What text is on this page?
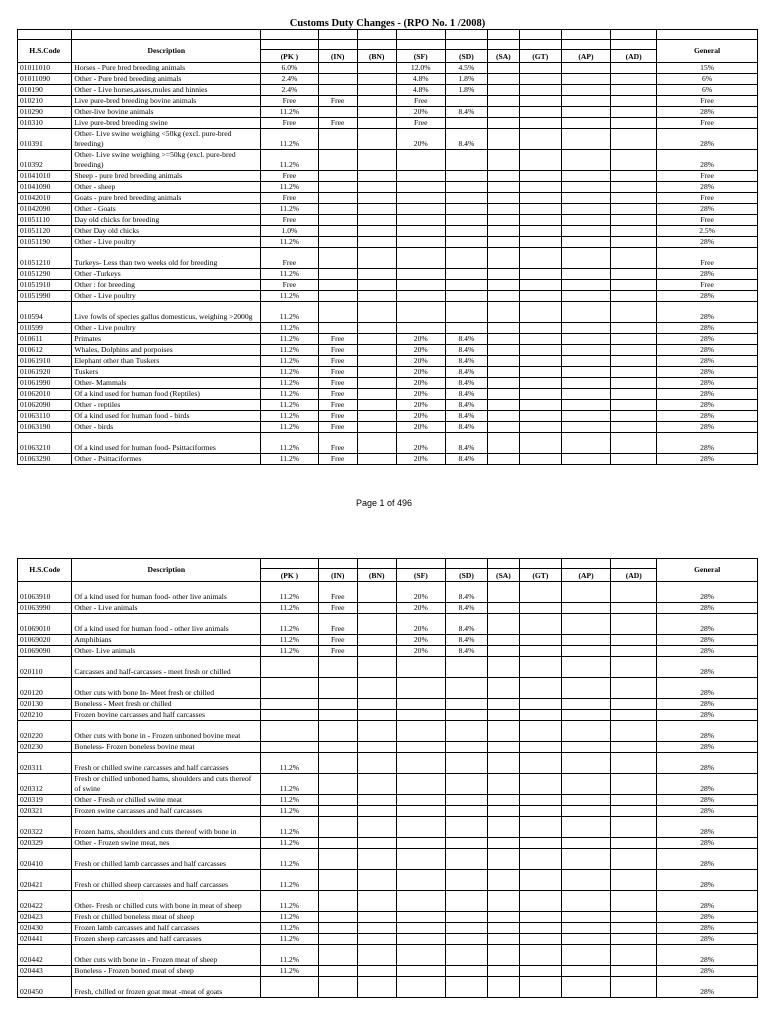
Customs Duty Changes - (RPO No. 1 /2008)											

H.S.Code	Description										General
		(PK )	(IN)	(BN)	(SF)	(SD)	(SA)	(GT)	(AP)	(AD)	
01011010	Horses - Pure bred breeding animals	6.0%			12.0%	4.5%					15%
01011090	Other - Pure bred breeding animals	2.4%			4.8%	1.8%					6%
010190	Other - Live horses,asses,mules and hinnies	2.4%			4.8%	1.8%					6%
010210	Live pure-bred breeding bovine animals	Free	Free		Free						Free
010290	Other-live bovine animals	11.2%			20%	8.4%					28%
010310	Live pure-bred breeding swine	Free	Free		Free						Free
010391	Other- Live swine weighing <50kg (excl. pure-bred breeding)	11.2%			20%	8.4%					28%
010392	Other- Live swine weighing >=50kg (excl. pure-bred breeding)	11.2%									28%
01041010	Sheep - pure bred breeding animals	Free									Free
01041090	Other - sheep	11.2%									28%
01042010	Goats - pure bred breeding animals	Free									Free
01042090	Other - Goats	11.2%									28%
01051110	Day old chicks for breeding	Free									Free
01051120	Other Day old chicks	1.0%									2.5%
01051190	Other - Live poultry	11.2%									28%
01051210	Turkeys- Less than two weeks old for breeding	Free									Free
01051290	Other -Turkeys	11.2%									28%
01051910	Other : for breeding	Free									Free
01051990	Other - Live poultry	11.2%									28%
010594	Live fowls of species gallus domesticus, weighing >2000g	11.2%									28%
010599	Other - Live poultry	11.2%									28%
010611	Primates	11.2%	Free		20%	8.4%					28%
010612	Whales, Dolphins and porpoises	11.2%	Free		20%	8.4%					28%
01061910	Elephant other than Tuskers	11.2%	Free		20%	8.4%					28%
01061920	Tuskers	11.2%	Free		20%	8.4%					28%
01061990	Other- Mammals	11.2%	Free		20%	8.4%					28%
01062010	Of a kind used for human food (Reptiles)	11.2%	Free		20%	8.4%					28%
01062090	Other - reptiles	11.2%	Free		20%	8.4%					28%
01063110	Of a kind used for human food - birds	11.2%	Free		20%	8.4%					28%
01063190	Other - birds	11.2%	Free		20%	8.4%					28%
01063210	Of a kind used for human food- Psittaciformes	11.2%	Free		20%	8.4%					28%
01063290	Other - Psittaciformes	11.2%	Free		20%	8.4%					28%
Page 1 of 496
H.S.Code	Description										General
		(PK )	(IN)	(BN)	(SF)	(SD)	(SA)	(GT)	(AP)	(AD)	
01063910	Of a kind used for human food- other live animals	11.2%	Free		20%	8.4%					28%
01063990	Other - Live animals	11.2%	Free		20%	8.4%					28%
01069010	Of a kind used for human food - other live animals	11.2%	Free		20%	8.4%					28%
01069020	Amphibians	11.2%	Free		20%	8.4%					28%
01069090	Other- Live animals	11.2%	Free		20%	8.4%					28%
020110	Carcasses and half-carcasses - meet fresh or chilled										28%
020120	Other cuts with bone In- Meet fresh or chilled										28%
020130	Boneless - Meet fresh or chilled										28%
020210	Frozen bovine carcasses and half carcasses										28%
020220	Other cuts with bone in - Frozen unboned bovine meat										28%
020230	Boneless- Frozen boneless bovine meat										28%
020311	Fresh or chilled swine carcasses and half carcasses	11.2%									28%
020312	Fresh or chilled unboned hams, shoulders and cuts thereof of swine	11.2%									28%
020319	Other - Fresh or chilled swine meat	11.2%									28%
020321	Frozen swine carcasses and half carcasses	11.2%									28%
020322	Frozen hams, shoulders and cuts thereof with bone in	11.2%									28%
020329	Other - Frozen swine meat, nes	11.2%									28%
020410	Fresh or chilled lamb carcasses and half carcasses	11.2%									28%
020421	Fresh or chilled sheep carcasses and half carcasses	11.2%									28%
020422	Other- Fresh or chilled cuts with bone in meat of sheep	11.2%									28%
020423	Fresh or chilled boneless meat of sheep	11.2%									28%
020430	Frozen lamb carcasses and half carcasses	11.2%									28%
020441	Frozen sheep carcasses and half carcasses	11.2%									28%
020442	Other cuts with bone in - Frozen meat of sheep	11.2%									28%
020443	Boneless - Frozen boned meat of sheep	11.2%									28%
020450	Fresh, chilled or frozen goat meat -meat of goats										28%
